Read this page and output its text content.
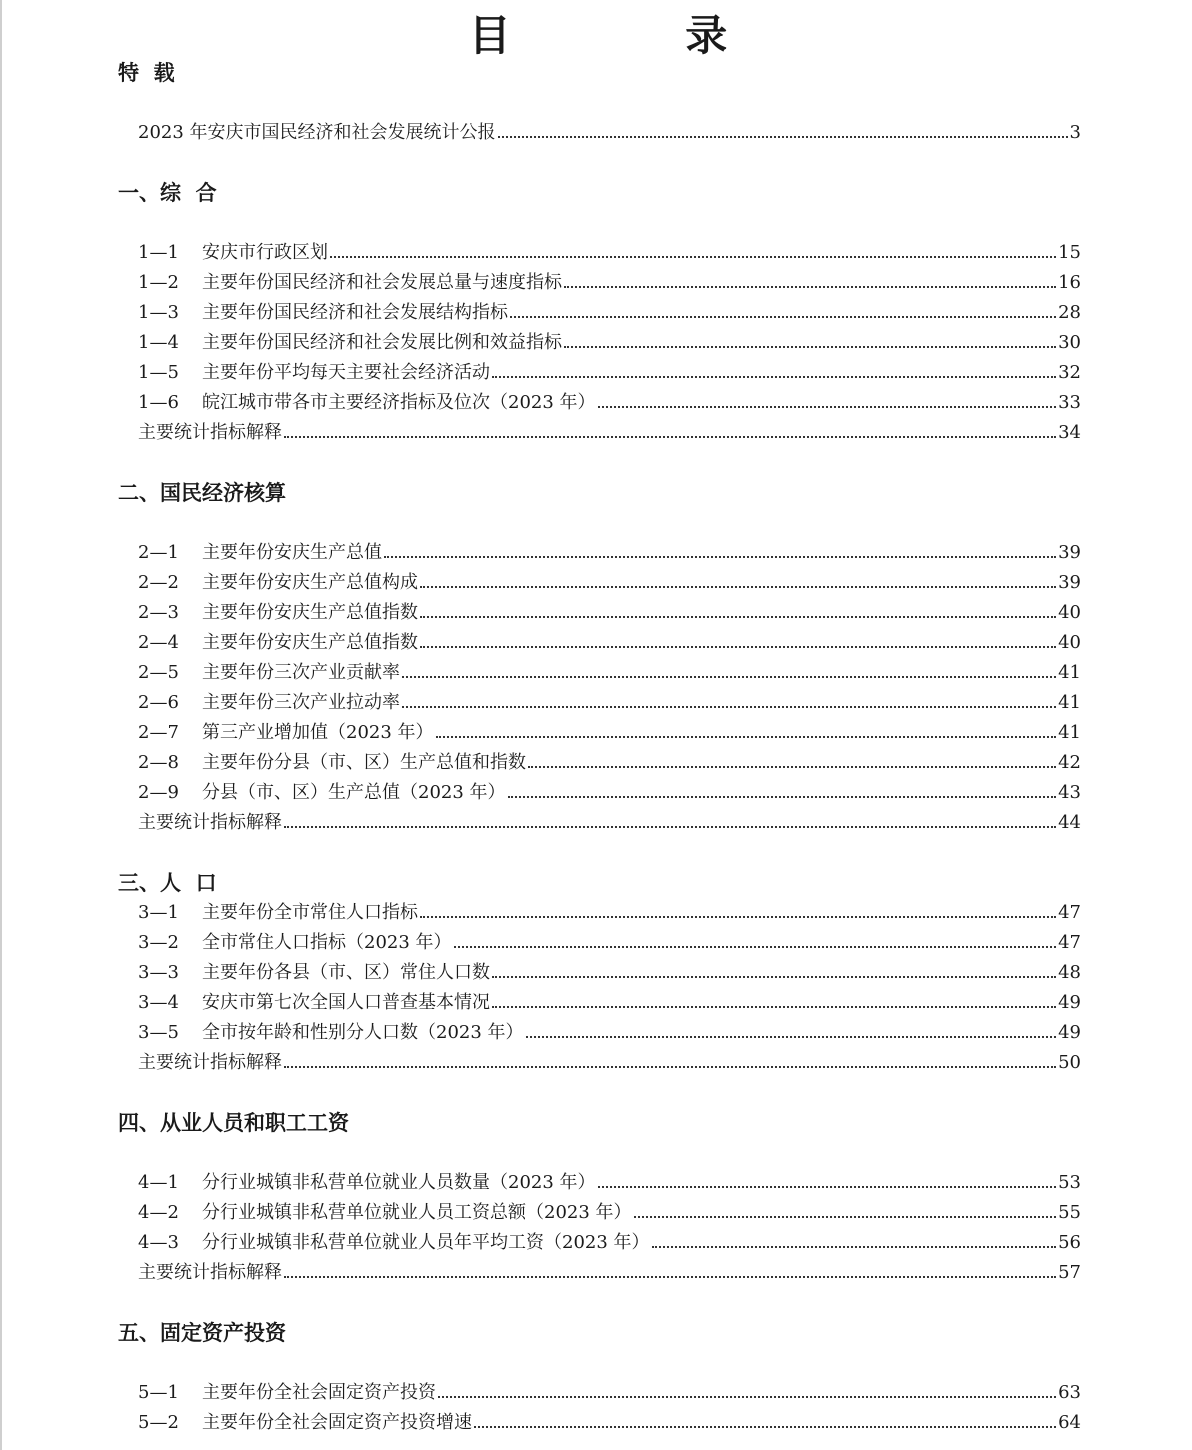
目 录
特  载
2023 年安庆市国民经济和社会发展统计公报	3
一、综  合
1—1	安庆市行政区划	15
1—2	主要年份国民经济和社会发展总量与速度指标	16
1—3	主要年份国民经济和社会发展结构指标	28
1—4	主要年份国民经济和社会发展比例和效益指标	30
1—5	主要年份平均每天主要社会经济活动	32
1—6	皖江城市带各市主要经济指标及位次（2023 年）	33
主要统计指标解释	34
二、国民经济核算
2—1	主要年份安庆生产总值	39
2—2	主要年份安庆生产总值构成	39
2—3	主要年份安庆生产总值指数	40
2—4	主要年份安庆生产总值指数	40
2—5	主要年份三次产业贡献率	41
2—6	主要年份三次产业拉动率	41
2—7	第三产业增加值（2023 年）	41
2—8	主要年份分县（市、区）生产总值和指数	42
2—9	分县（市、区）生产总值（2023 年）	43
主要统计指标解释	44
三、人  口
3—1	主要年份全市常住人口指标	47
3—2	全市常住人口指标（2023 年）	47
3—3	主要年份各县（市、区）常住人口数	48
3—4	安庆市第七次全国人口普查基本情况	49
3—5	全市按年龄和性别分人口数（2023 年）	49
主要统计指标解释	50
四、从业人员和职工工资
4—1	分行业城镇非私营单位就业人员数量（2023 年）	53
4—2	分行业城镇非私营单位就业人员工资总额（2023 年）	55
4—3	分行业城镇非私营单位就业人员年平均工资（2023 年）	56
主要统计指标解释	57
五、固定资产投资
5—1	主要年份全社会固定资产投资	63
5—2	主要年份全社会固定资产投资增速	64
